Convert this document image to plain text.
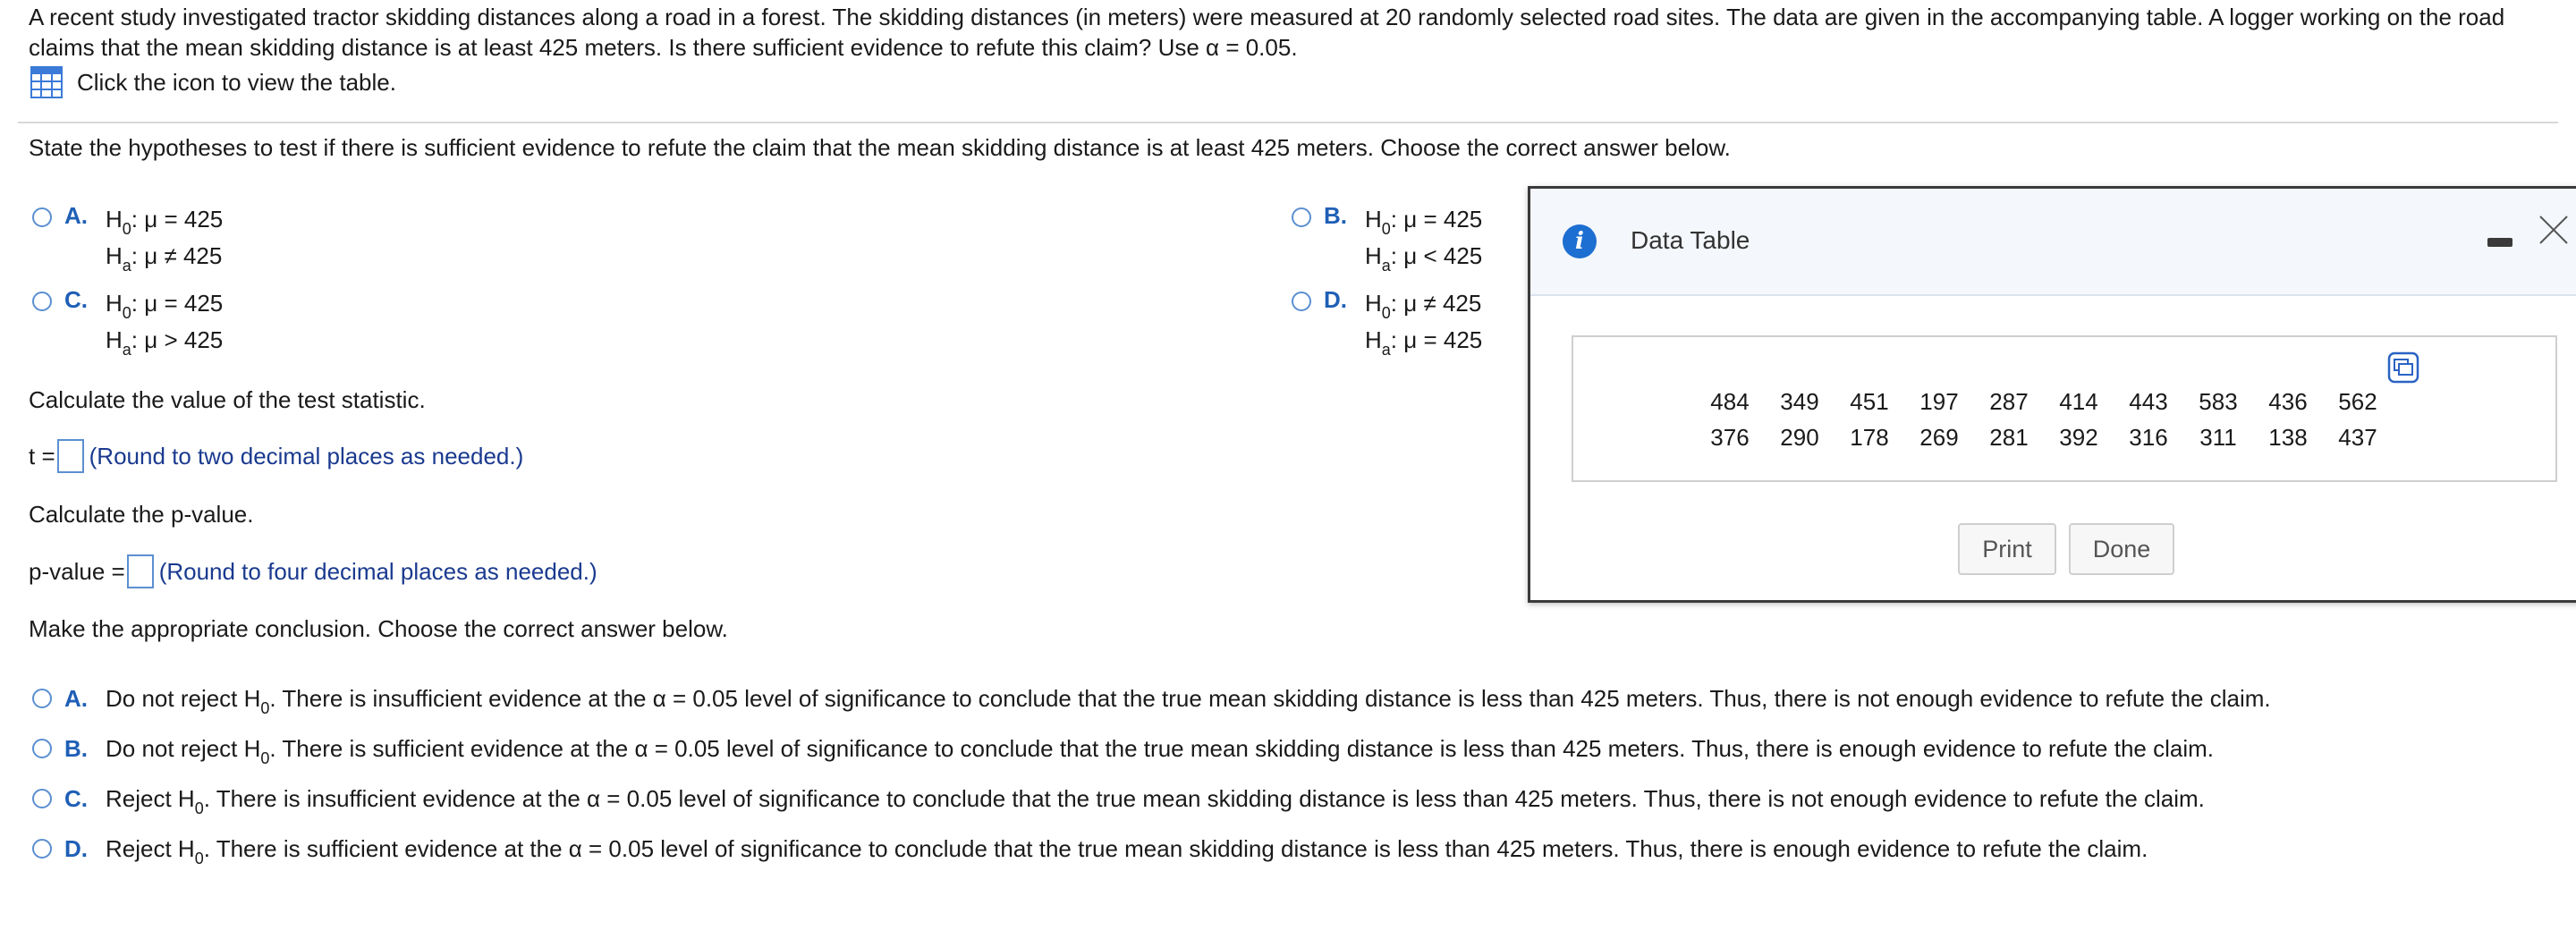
A recent study investigated tractor skidding distances along a road in a forest. The skidding distances (in meters) were measured at 20 randomly selected road sites. The data are given in the accompanying table. A logger working on the road claims that the mean skidding distance is at least 425 meters. Is there sufficient evidence to refute this claim? Use α = 0.05.
Click the icon to view the table.
State the hypotheses to test if there is sufficient evidence to refute the claim that the mean skidding distance is at least 425 meters. Choose the correct answer below.
A. $H_0$: μ = 425
$H_a$: μ ≠ 425
B. $H_0$: μ = 425
$H_a$: μ < 425
C. $H_0$: μ = 425
$H_a$: μ > 425
D. $H_0$: μ ≠ 425
$H_a$: μ = 425
Calculate the value of the test statistic.
t = (Round to two decimal places as needed.)
Calculate the p-value.
p-value = (Round to four decimal places as needed.)
Make the appropriate conclusion. Choose the correct answer below.
A. Do not reject $H_0$. There is insufficient evidence at the α = 0.05 level of significance to conclude that the true mean skidding distance is less than 425 meters. Thus, there is not enough evidence to refute the claim.
B. Do not reject $H_0$. There is sufficient evidence at the α = 0.05 level of significance to conclude that the true mean skidding distance is less than 425 meters. Thus, there is enough evidence to refute the claim.
C. Reject $H_0$. There is insufficient evidence at the α = 0.05 level of significance to conclude that the true mean skidding distance is less than 425 meters. Thus, there is not enough evidence to refute the claim.
D. Reject $H_0$. There is sufficient evidence at the α = 0.05 level of significance to conclude that the true mean skidding distance is less than 425 meters. Thus, there is enough evidence to refute the claim.
i	Data Table
484	349	451	197	287	414	443	583	436	562
376	290	178	269	281	392	316	311	138	437
Print	Done
